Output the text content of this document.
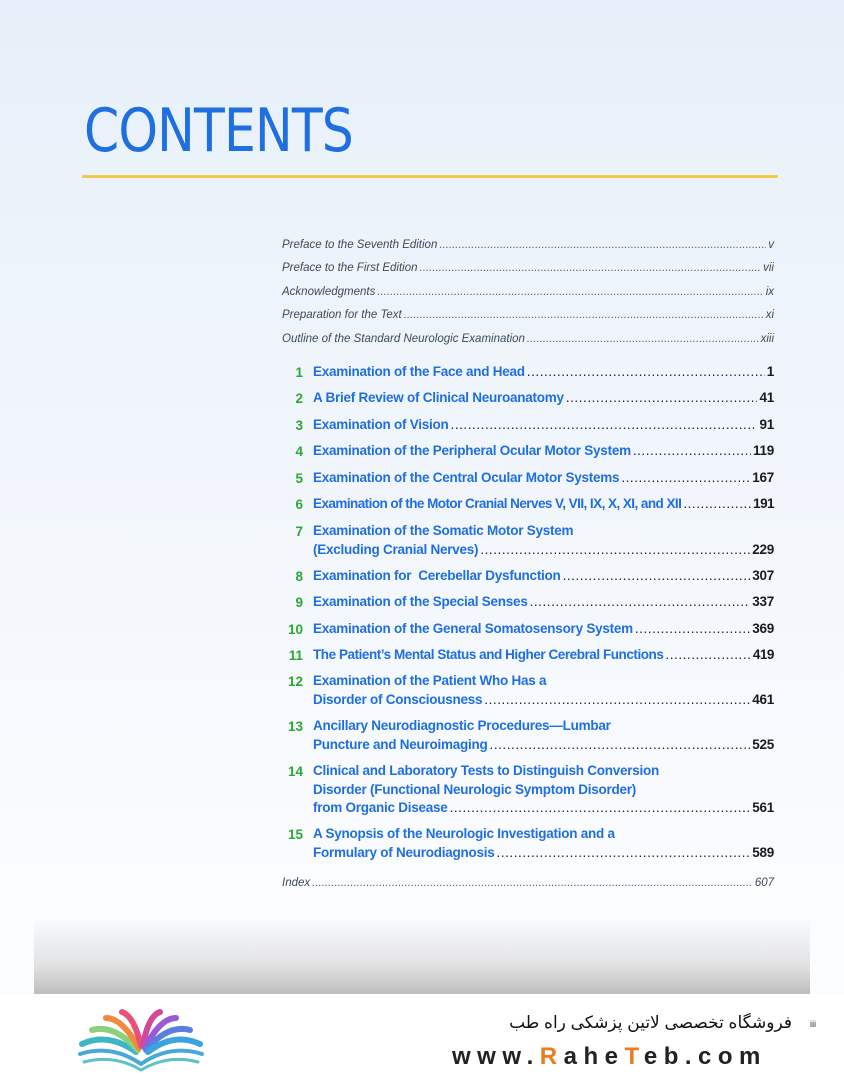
CONTENTS
Preface to the Seventh Edition . . .	v
Preface to the First Edition . . .	vii
Acknowledgments . . .	ix
Preparation for the Text . . .	xi
Outline of the Standard Neurologic Examination . . .	xiii
1 Examination of the Face and Head . . .	1
2 A Brief Review of Clinical Neuroanatomy . . .	41
3 Examination of Vision . . .	91
4 Examination of the Peripheral Ocular Motor System . . .	119
5 Examination of the Central Ocular Motor Systems . . .	167
6 Examination of the Motor Cranial Nerves V, VII, IX, X, XI, and XII . . .	191
7 Examination of the Somatic Motor System
(Excluding Cranial Nerves) . . .	229
8 Examination for  Cerebellar Dysfunction . . .	307
9 Examination of the Special Senses . . .	337
10 Examination of the General Somatosensory System . . .	369
11 The Patient’s Mental Status and Higher Cerebral Functions . . .	419
12 Examination of the Patient Who Has a
Disorder of Consciousness . . .	461
13 Ancillary Neurodiagnostic Procedures—Lumbar
Puncture and Neuroimaging . . .	525
14 Clinical and Laboratory Tests to Distinguish Conversion
Disorder (Functional Neurologic Symptom Disorder)
from Organic Disease . . .	561
15 A Synopsis of the Neurologic Investigation and a
Formulary of Neurodiagnosis . . .	589
Index . . .	607
فروشگاه تخصصی لاتین پزشکی راه طب
www.RaheTeb.com
iii
